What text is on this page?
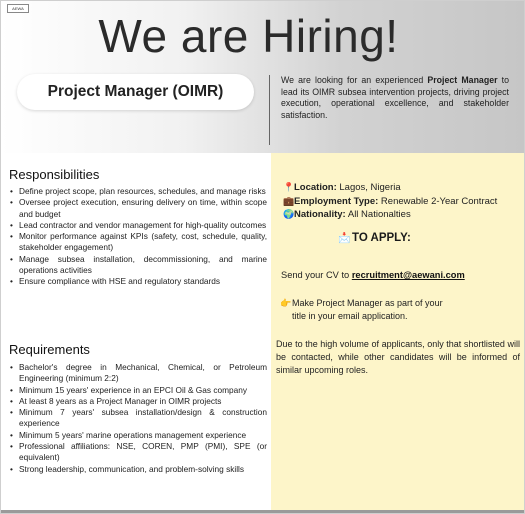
AEWA
We are Hiring!
Project Manager (OIMR)
We are looking for an experienced Project Manager to lead its OIMR subsea intervention projects, driving project execution, operational excellence, and stakeholder satisfaction.
Responsibilities
• Define project scope, plan resources, schedules, and manage risks
• Oversee project execution, ensuring delivery on time, within scope and budget
• Lead contractor and vendor management for high-quality outcomes
• Monitor performance against KPIs (safety, cost, schedule, quality, stakeholder engagement)
• Manage subsea installation, decommissioning, and marine operations activities
• Ensure compliance with HSE and regulatory standards
Requirements
• Bachelor's degree in Mechanical, Chemical, or Petroleum Engineering (minimum 2:2)
• Minimum 15 years' experience in an EPCI Oil & Gas company
• At least 8 years as a Project Manager in OIMR projects
• Minimum 7 years' subsea installation/design & construction experience
• Minimum 5 years' marine operations management experience
• Professional affiliations: NSE, COREN, PMP (PMI), SPE (or equivalent)
• Strong leadership, communication, and problem-solving skills
📍Location: Lagos, Nigeria
💼Employment Type: Renewable 2-Year Contract
🌍Nationality: All Nationalties
📩 TO APPLY:
Send your CV to recruitment@aewani.com
👉Make Project Manager as part of your
title in your email application.
Due to the high volume of applicants, only that shortlisted will be contacted, while other candidates will be informed of similar upcoming roles.
